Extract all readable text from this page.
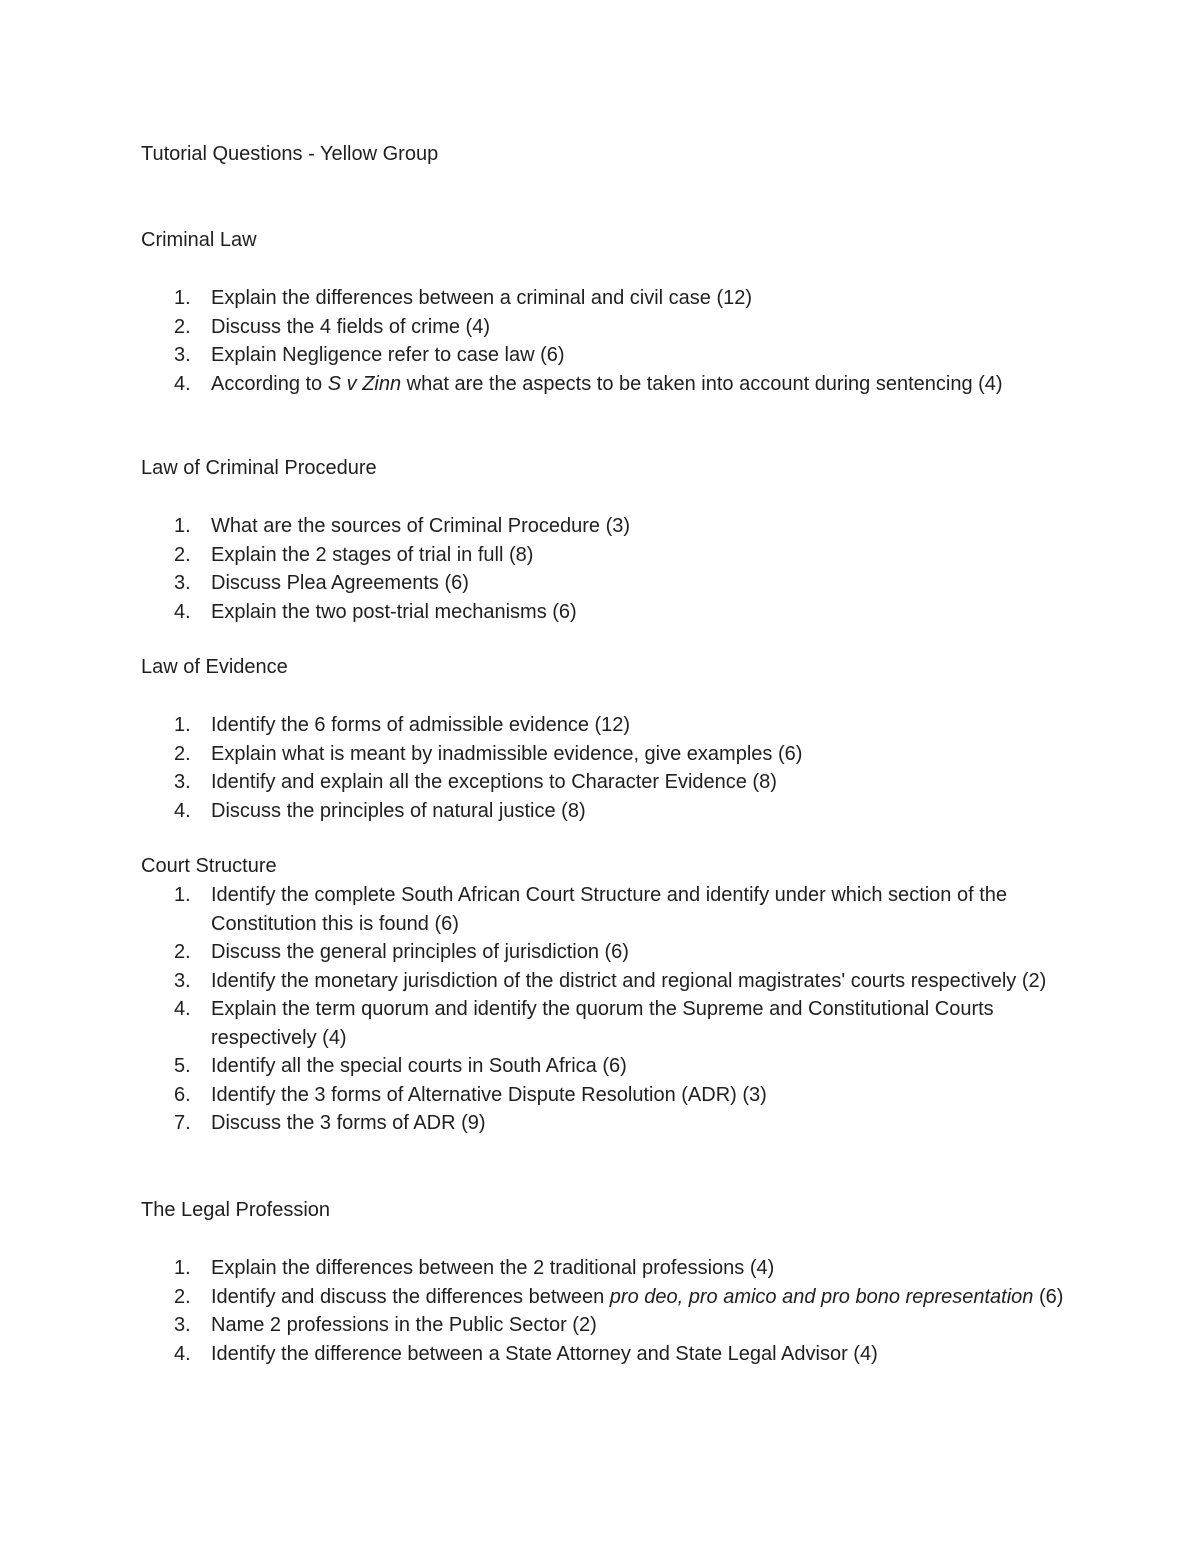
Tutorial Questions - Yellow Group

Criminal Law

1. Explain the differences between a criminal and civil case (12)
2. Discuss the 4 fields of crime (4)
3. Explain Negligence refer to case law (6)
4. According to S v Zinn what are the aspects to be taken into account during sentencing (4)

Law of Criminal Procedure

1. What are the sources of Criminal Procedure (3)
2. Explain the 2 stages of trial in full (8)
3. Discuss Plea Agreements (6)
4. Explain the two post-trial mechanisms (6)

Law of Evidence

1. Identify the 6 forms of admissible evidence (12)
2. Explain what is meant by inadmissible evidence, give examples (6)
3. Identify and explain all the exceptions to Character Evidence (8)
4. Discuss the principles of natural justice (8)

Court Structure

1. Identify the complete South African Court Structure and identify under which section of the Constitution this is found (6)
2. Discuss the general principles of jurisdiction (6)
3. Identify the monetary jurisdiction of the district and regional magistrates' courts respectively (2)
4. Explain the term quorum and identify the quorum the Supreme and Constitutional Courts respectively (4)
5. Identify all the special courts in South Africa (6)
6. Identify the 3 forms of Alternative Dispute Resolution (ADR) (3)
7. Discuss the 3 forms of ADR (9)

The Legal Profession

1. Explain the differences between the 2 traditional professions (4)
2. Identify and discuss the differences between pro deo, pro amico and pro bono representation (6)
3. Name 2 professions in the Public Sector (2)
4. Identify the difference between a State Attorney and State Legal Advisor (4)
